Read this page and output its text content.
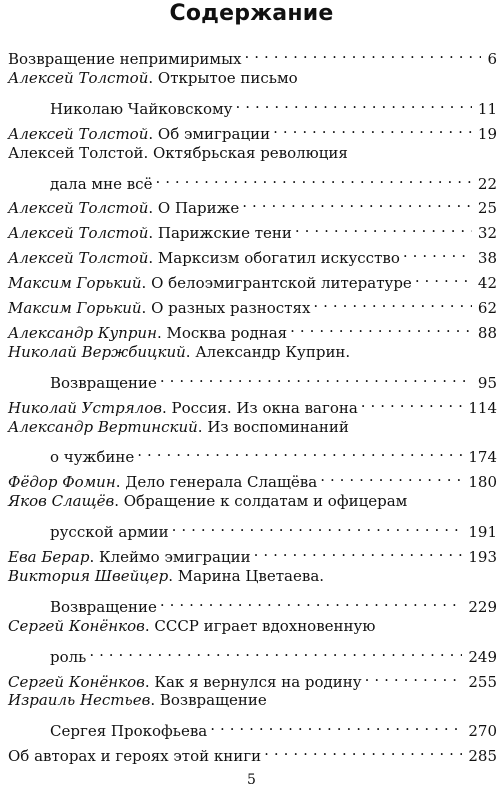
Содержание
Возвращение непримиримых . . .	6
Алексей Толстой . Открытое письмо
Николаю Чайковскому . . .	11
Алексей Толстой . Об эмиграции . . .	19
Алексей Толстой. Октябрьская революция
дала мне всё . . .	22
Алексей Толстой . О Париже . . .	25
Алексей Толстой . Парижские тени . . .	32
Алексей Толстой . Марксизм обогатил искусство . . .	38
Максим Горький . О белоэмигрантской литературе . . .	42
Максим Горький . О разных разностях . . .	62
Александр Куприн . Москва родная . . .	88
Николай Вержбицкий . Александр Куприн.
Возвращение . . .	95
Николай Устрялов . Россия. Из окна вагона . . .	114
Александр Вертинский . Из воспоминаний
о чужбине . . .	174
Фёдор Фомин . Дело генерала Слащёва . . .	180
Яков Слащёв . Обращение к солдатам и офицерам
русской армии . . .	191
Ева Берар . Клеймо эмиграции . . .	193
Виктория Швейцер . Марина Цветаева.
Возвращение . . .	229
Сергей Конёнков . СССР играет вдохновенную
роль . . .	249
Сергей Конёнков . Как я вернулся на родину . . .	255
Израиль Нестьев . Возвращение
Сергея Прокофьева . . .	270
Об авторах и героях этой книги . . .	285
5
